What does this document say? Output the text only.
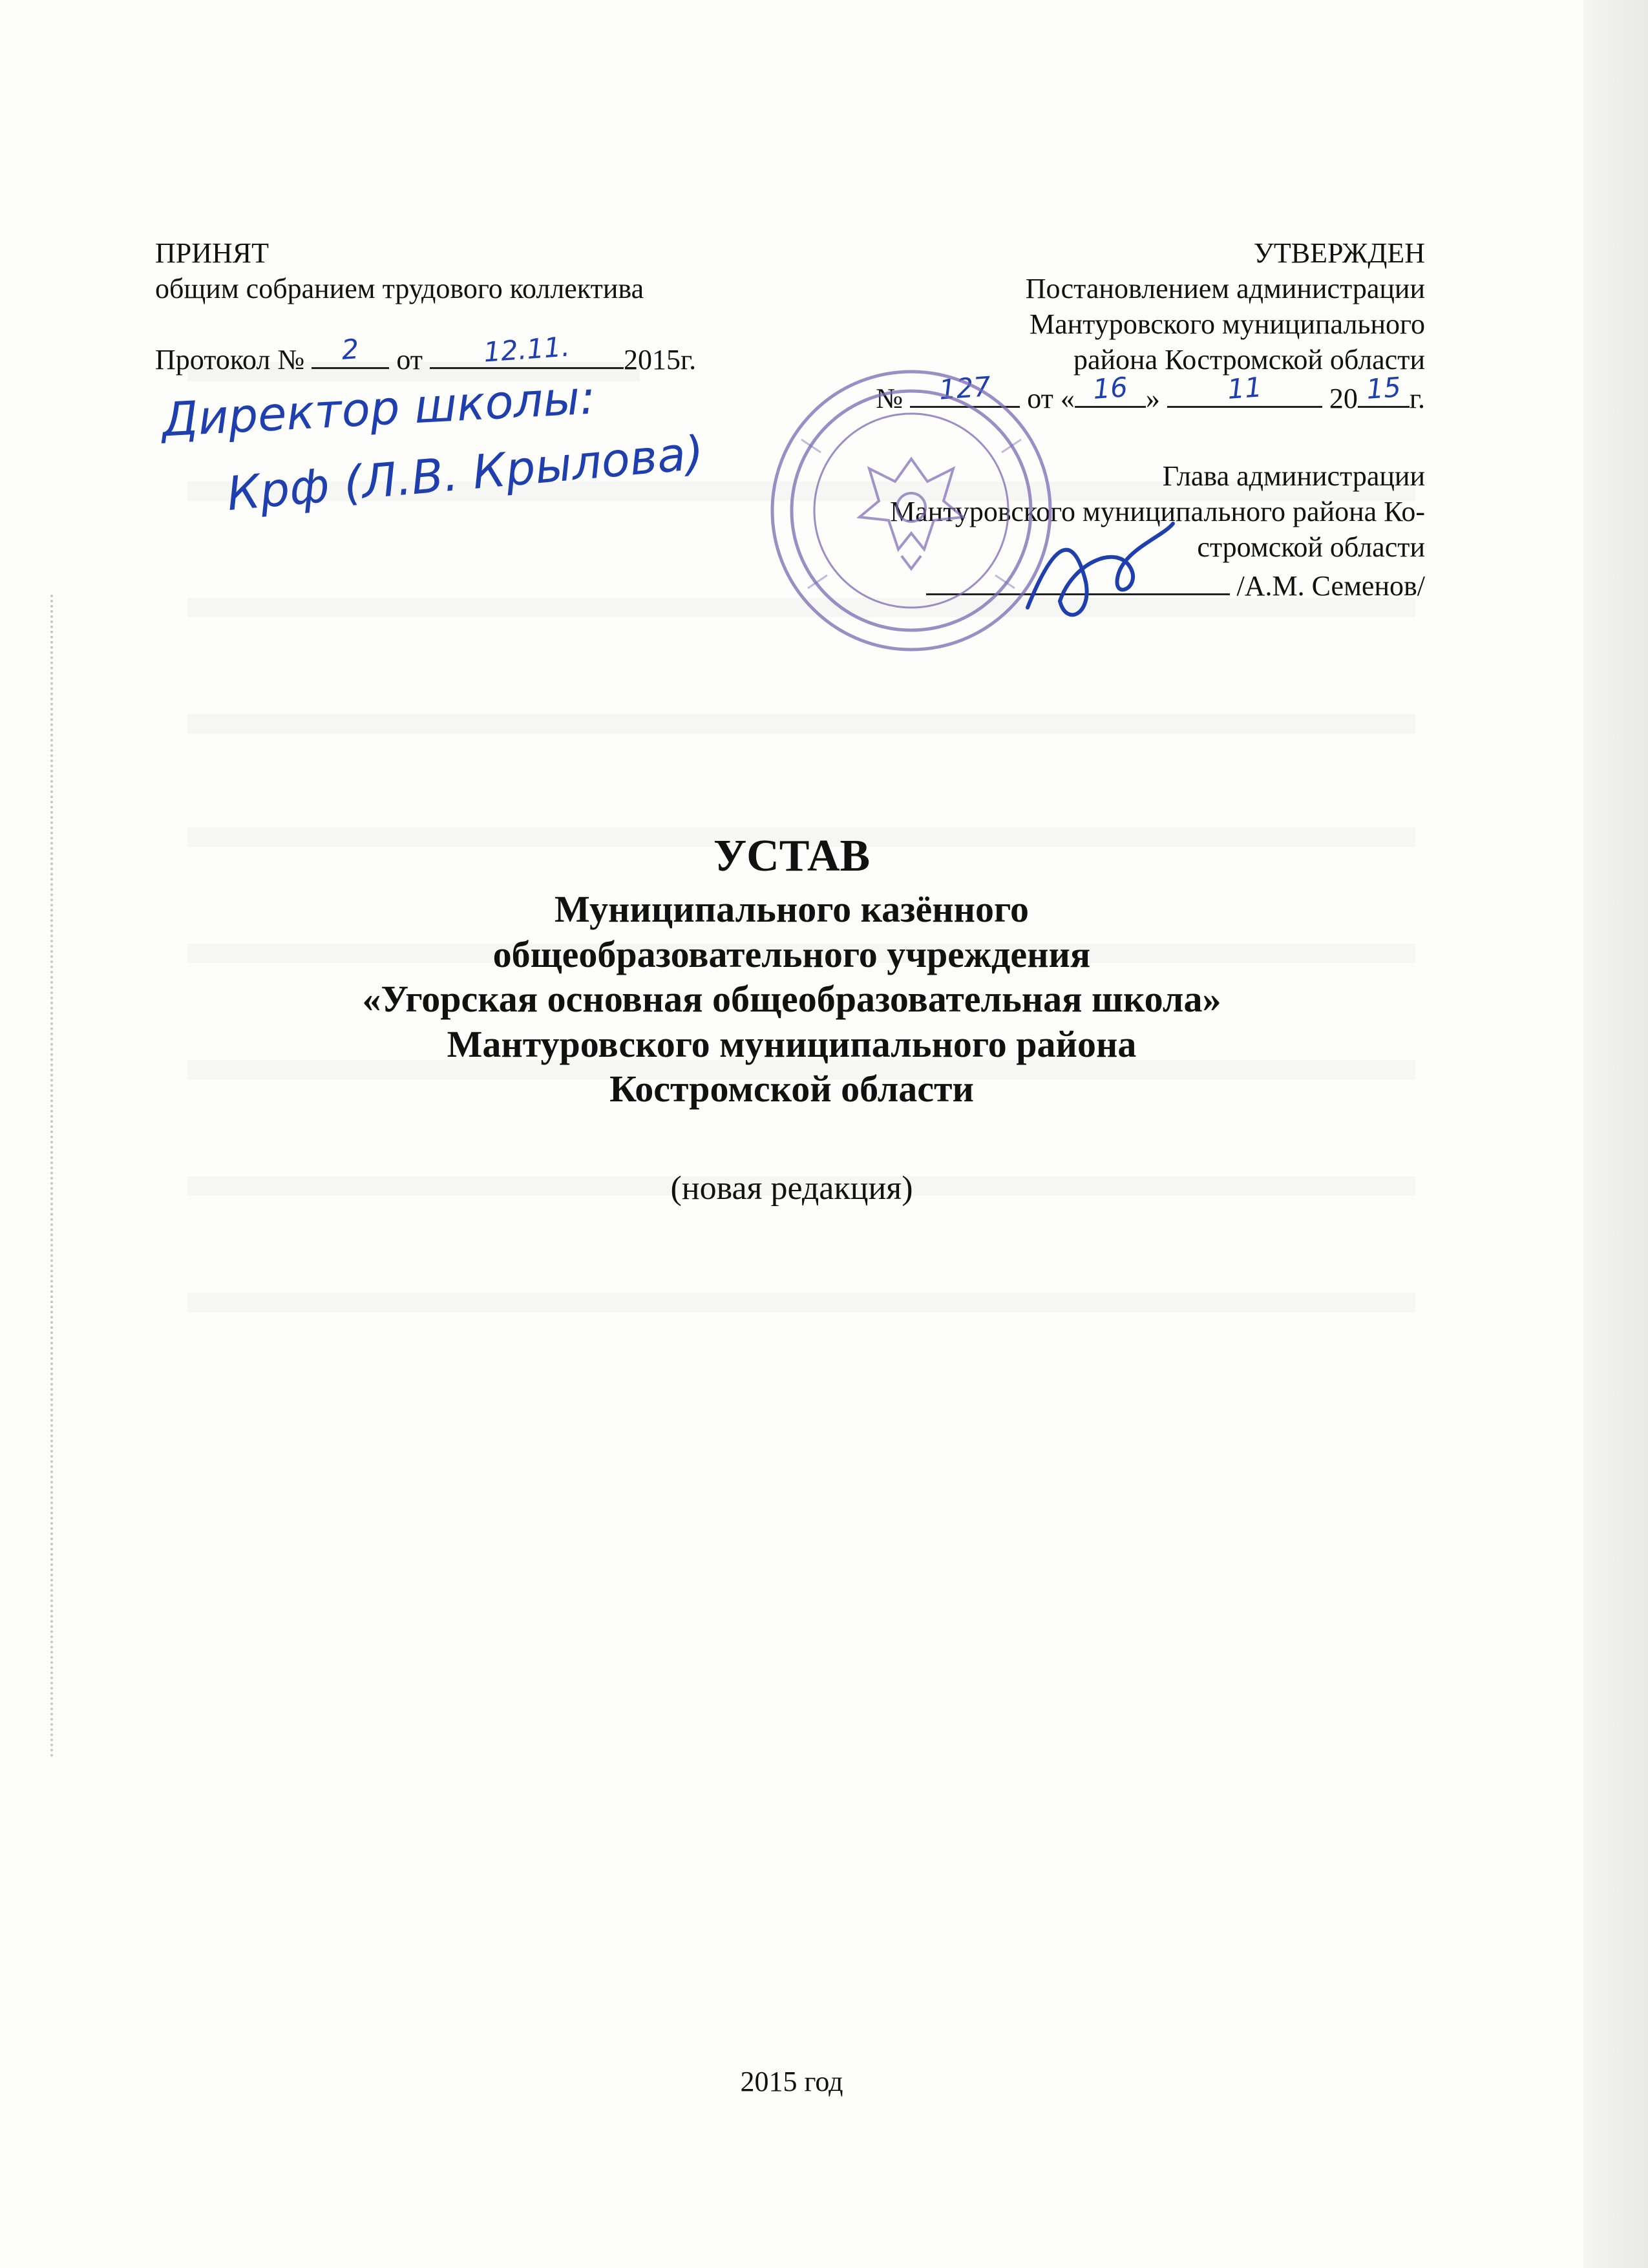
ПРИНЯТ
общим собранием трудового коллектива
Протокол №	2	от	12.11.	2015г.
Директор школы:
Крф (Л.В. Крылова)
УТВЕРЖДЕН
Постановлением администрации
Мантуровского муниципального
района Костромской области
№	127	от « 16 »	11	20 15 г.
Глава администрации
Мантуровского муниципального района Ко-
стромской области
/А.М. Семенов/
УСТАВ
Муниципального казённого
общеобразовательного учреждения
«Угорская основная общеобразовательная школа»
Мантуровского муниципального района
Костромской области
(новая редакция)
2015 год
